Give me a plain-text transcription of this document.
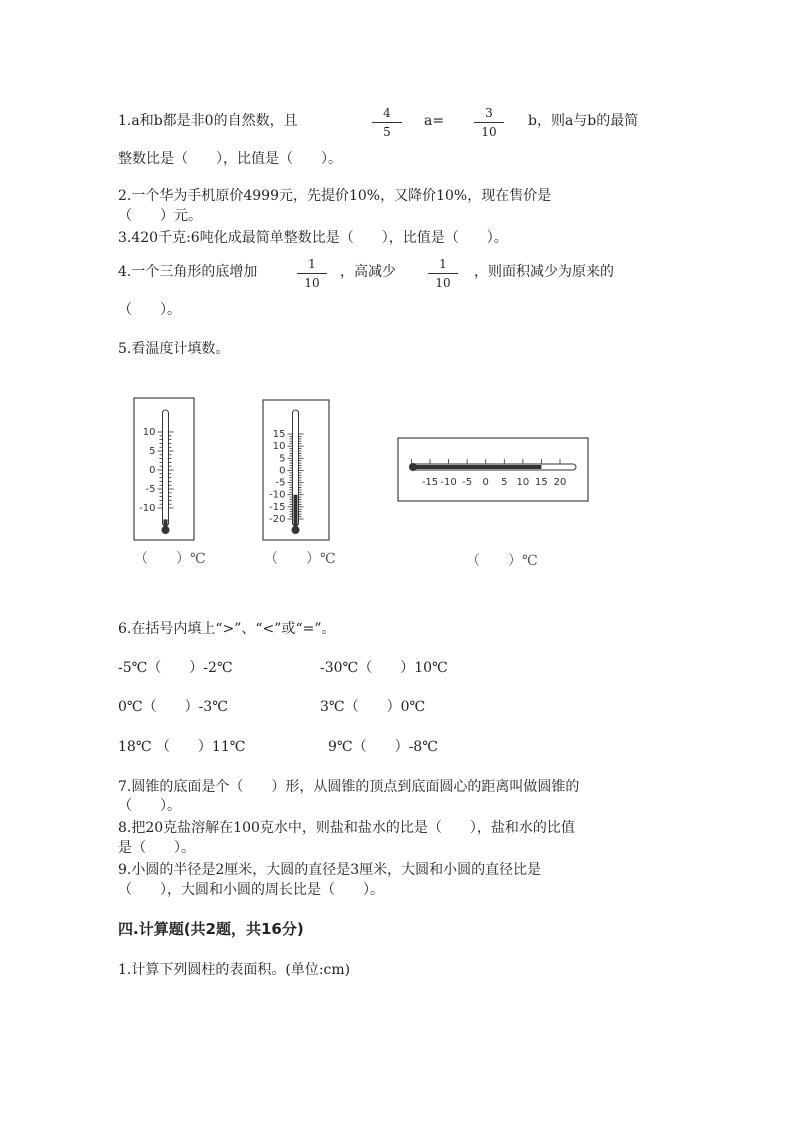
1.a和b都是非0的自然数，且	$\frac{4}{5} a= \frac{3}{10}$ b，则a与b的最简
整数比是（　　），比值是（　　）。
2.一个华为手机原价4999元，先提价10%，又降价10%，现在售价是
（　　）元。
3.420千克:6吨化成最简单整数比是（　　），比值是（　　）。
4.一个三角形的底增加	$\frac{1}{10}$ ，高减少	$\frac{1}{10}$ ，则面积减少为原来的
（　　）。
5.看温度计填数。
10
5
0
-5
-10
15
10
5
0
-5
-10
-15
-20
-15 -10 -5 0 5 10 15 20
（　　）℃	（　　）℃	（　　）℃
6.在括号内填上“>”、“<”或“=”。
-5℃（　　）-2℃	-30℃（　　）10℃
0℃（　　）-3℃	3℃（　　）0℃
18℃ （　　）11℃	9℃（　　）-8℃
7.圆锥的底面是个（　　）形，从圆锥的顶点到底面圆心的距离叫做圆锥的
（　　）。
8.把20克盐溶解在100克水中，则盐和盐水的比是（　　），盐和水的比值
是（　　）。
9.小圆的半径是2厘米，大圆的直径是3厘米，大圆和小圆的直径比是
（　　），大圆和小圆的周长比是（　　）。
四.计算题(共2题，共16分)
1.计算下列圆柱的表面积。(单位:cm)
